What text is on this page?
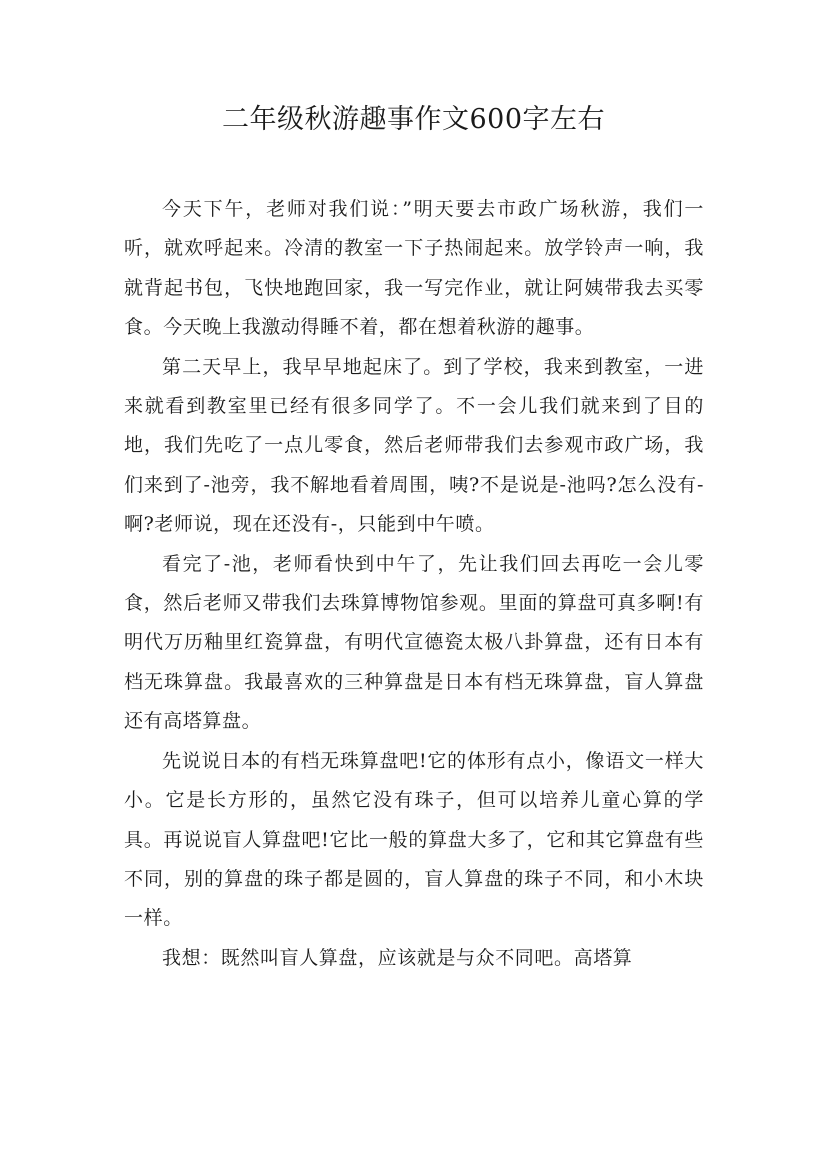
二年级秋游趣事作文600字左右

今天下午，老师对我们说：”明天要去市政广场秋游，我们一听，就欢呼起来。冷清的教室一下子热闹起来。放学铃声一响，我就背起书包，飞快地跑回家，我一写完作业，就让阿姨带我去买零食。今天晚上我激动得睡不着，都在想着秋游的趣事。

第二天早上，我早早地起床了。到了学校，我来到教室，一进来就看到教室里已经有很多同学了。不一会儿我们就来到了目的地，我们先吃了一点儿零食，然后老师带我们去参观市政广场，我们来到了-池旁，我不解地看着周围，咦?不是说是-池吗?怎么没有-啊?老师说，现在还没有-，只能到中午喷。

看完了-池，老师看快到中午了，先让我们回去再吃一会儿零食，然后老师又带我们去珠算博物馆参观。里面的算盘可真多啊!有明代万历釉里红瓷算盘，有明代宣德瓷太极八卦算盘，还有日本有档无珠算盘。我最喜欢的三种算盘是日本有档无珠算盘，盲人算盘还有高塔算盘。

先说说日本的有档无珠算盘吧!它的体形有点小，像语文一样大小。它是长方形的，虽然它没有珠子，但可以培养儿童心算的学具。再说说盲人算盘吧!它比一般的算盘大多了，它和其它算盘有些不同，别的算盘的珠子都是圆的，盲人算盘的珠子不同，和小木块一样。

我想：既然叫盲人算盘，应该就是与众不同吧。高塔算
